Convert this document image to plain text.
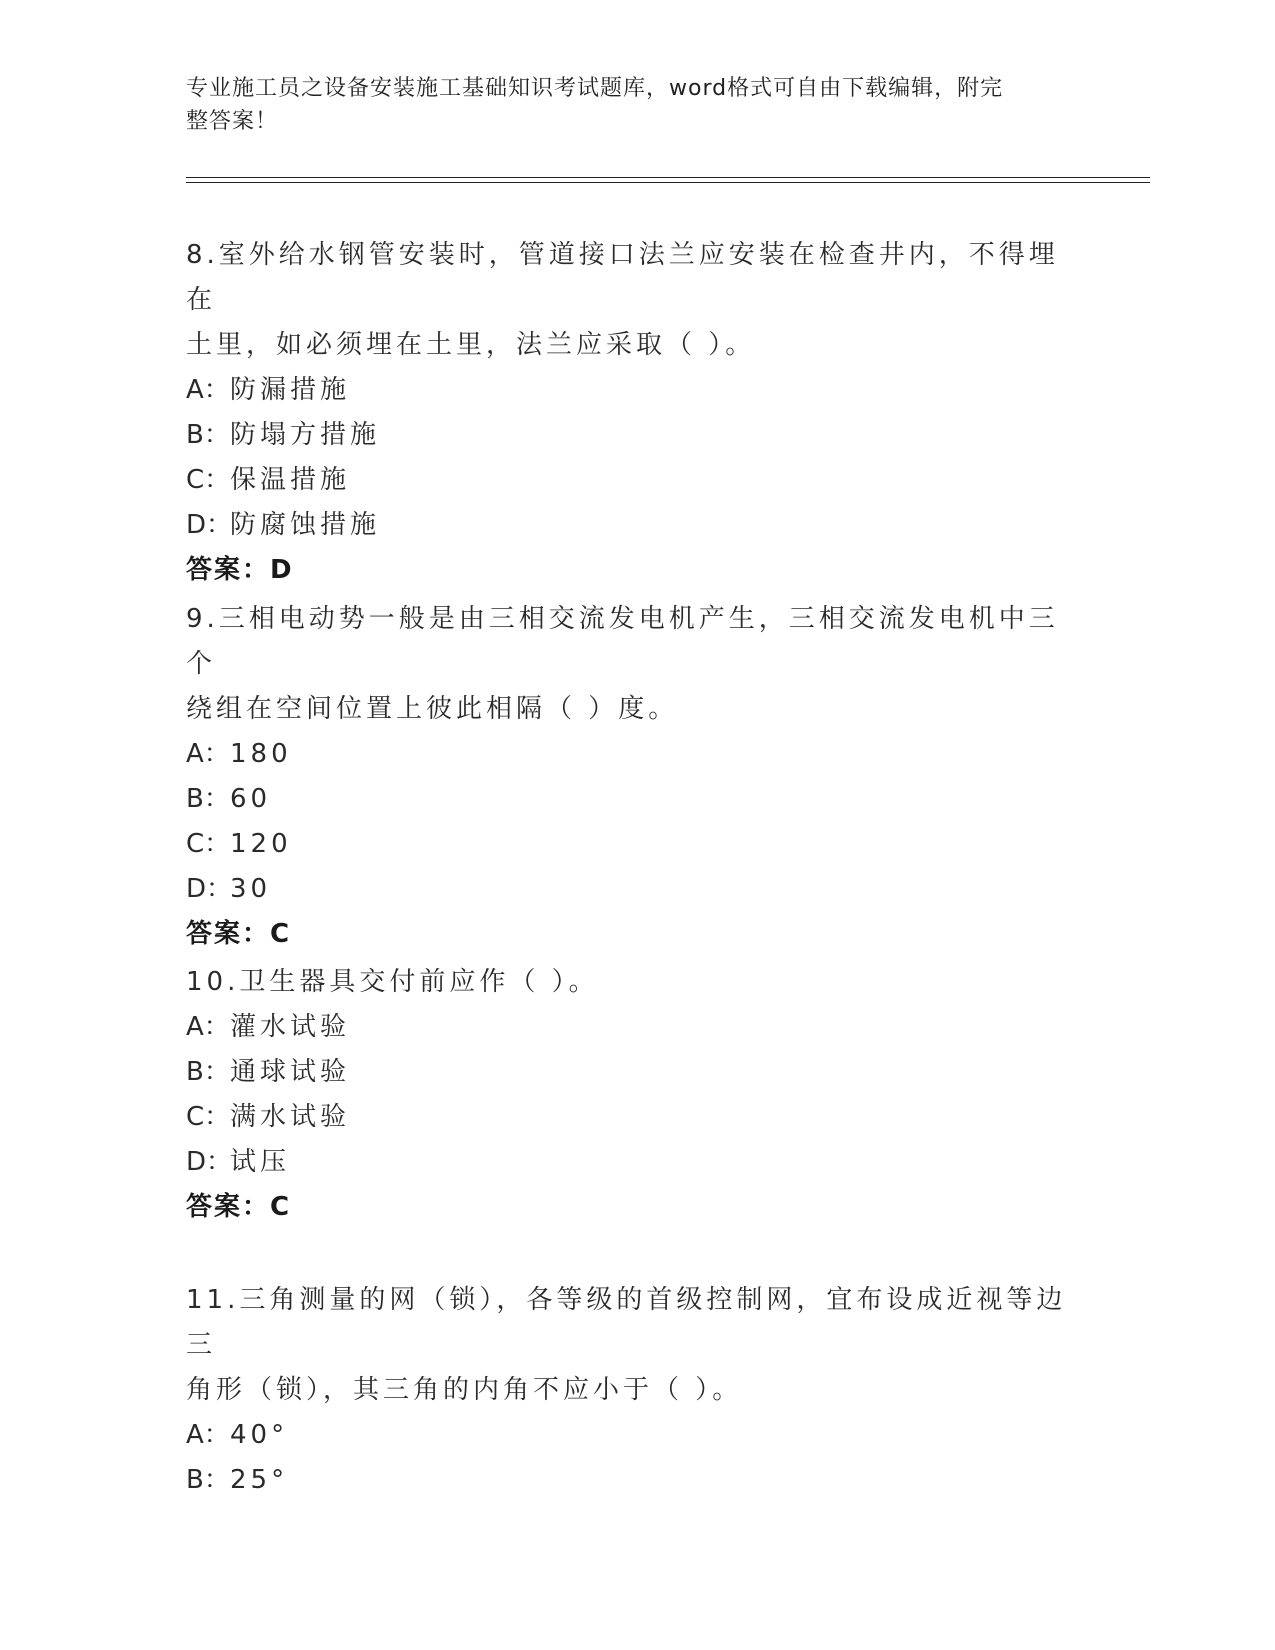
专业施工员之设备安装施工基础知识考试题库，word格式可自由下载编辑，附完
整答案！
8.室外给水钢管安装时，管道接口法兰应安装在检查井内，不得埋在
土里，如必须埋在土里，法兰应采取（ ）。
A：防漏措施
B：防塌方措施
C：保温措施
D：防腐蚀措施
答案：D
9.三相电动势一般是由三相交流发电机产生，三相交流发电机中三个
绕组在空间位置上彼此相隔（ ）度。
A：180
B：60
C：120
D：30
答案：C
10.卫生器具交付前应作（ ）。
A：灌水试验
B：通球试验
C：满水试验
D：试压
答案：C
11.三角测量的网（锁），各等级的首级控制网，宜布设成近视等边三
角形（锁），其三角的内角不应小于（ ）。
A：40°
B：25°
